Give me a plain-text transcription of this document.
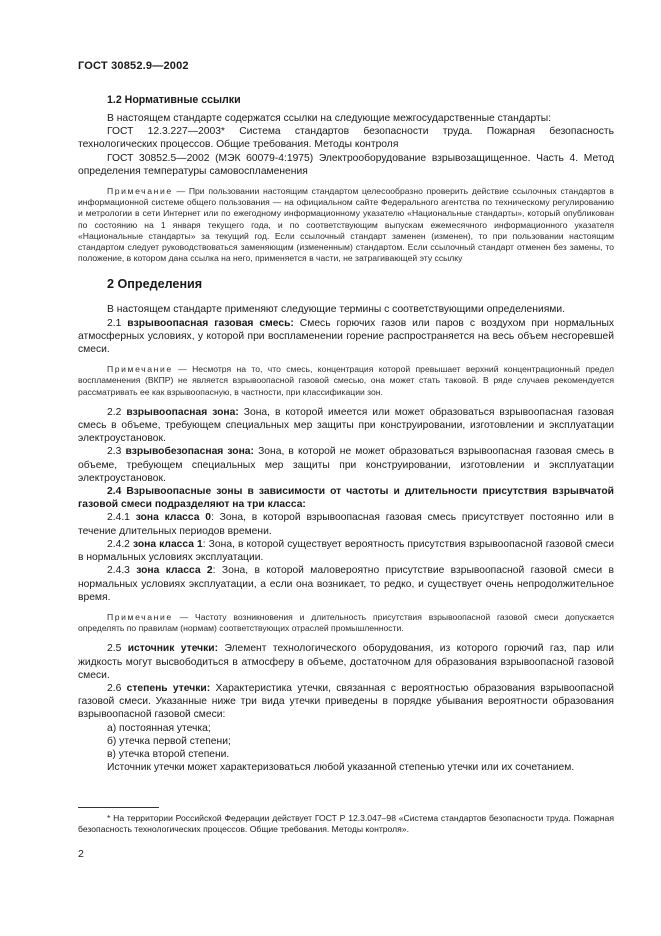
ГОСТ 30852.9—2002
1.2 Нормативные ссылки

В настоящем стандарте содержатся ссылки на следующие межгосударственные стандарты:

ГОСТ 12.3.227—2003* Система стандартов безопасности труда. Пожарная безопасность технологических процессов. Общие требования. Методы контроля

ГОСТ 30852.5—2002 (МЭК 60079-4:1975) Электрооборудование взрывозащищенное. Часть 4. Метод определения температуры самовоспламенения

Примечание — При пользовании настоящим стандартом целесообразно проверить действие ссылочных стандартов в информационной системе общего пользования — на официальном сайте Федерального агентства по техническому регулированию и метрологии в сети Интернет или по ежегодному информационному указателю «Национальные стандарты», который опубликован по состоянию на 1 января текущего года, и по соответствующим выпускам ежемесячного информационного указателя «Национальные стандарты» за текущий год. Если ссылочный стандарт заменен (изменен), то при пользовании настоящим стандартом следует руководствоваться заменяющим (измененным) стандартом. Если ссылочный стандарт отменен без замены, то положение, в котором дана ссылка на него, применяется в части, не затрагивающей эту ссылку

2 Определения

В настоящем стандарте применяют следующие термины с соответствующими определениями.

2.1 взрывоопасная газовая смесь: Смесь горючих газов или паров с воздухом при нормальных атмосферных условиях, у которой при воспламенении горение распространяется на весь объем несгоревшей смеси.

Примечание — Несмотря на то, что смесь, концентрация которой превышает верхний концентрационный предел воспламенения (ВКПР) не является взрывоопасной газовой смесью, она может стать таковой. В ряде случаев рекомендуется рассматривать ее как взрывоопасную, в частности, при классификации зон.

2.2 взрывоопасная зона: Зона, в которой имеется или может образоваться взрывоопасная газовая смесь в объеме, требующем специальных мер защиты при конструировании, изготовлении и эксплуатации электроустановок.

2.3 взрывобезопасная зона: Зона, в которой не может образоваться взрывоопасная газовая смесь в объеме, требующем специальных мер защиты при конструировании, изготовлении и эксплуатации электроустановок.

2.4 Взрывоопасные зоны в зависимости от частоты и длительности присутствия взрывчатой газовой смеси подразделяют на три класса:

2.4.1 зона класса 0: Зона, в которой взрывоопасная газовая смесь присутствует постоянно или в течение длительных периодов времени.

2.4.2 зона класса 1: Зона, в которой существует вероятность присутствия взрывоопасной газовой смеси в нормальных условиях эксплуатации.

2.4.3 зона класса 2: Зона, в которой маловероятно присутствие взрывоопасной газовой смеси в нормальных условиях эксплуатации, а если она возникает, то редко, и существует очень непродолжительное время.

Примечание — Частоту возникновения и длительность присутствия взрывоопасной газовой смеси допускается определять по правилам (нормам) соответствующих отраслей промышленности.

2.5 источник утечки: Элемент технологического оборудования, из которого горючий газ, пар или жидкость могут высвободиться в атмосферу в объеме, достаточном для образования взрывоопасной газовой смеси.

2.6 степень утечки: Характеристика утечки, связанная с вероятностью образования взрывоопасной газовой смеси. Указанные ниже три вида утечки приведены в порядке убывания вероятности образования взрывоопасной газовой смеси:

а) постоянная утечка;

б) утечка первой степени;

в) утечка второй степени.

Источник утечки может характеризоваться любой указанной степенью утечки или их сочетанием.

* На территории Российской Федерации действует ГОСТ Р 12.3.047–98 «Система стандартов безопасности труда. Пожарная безопасность технологических процессов. Общие требования. Методы контроля».
2
